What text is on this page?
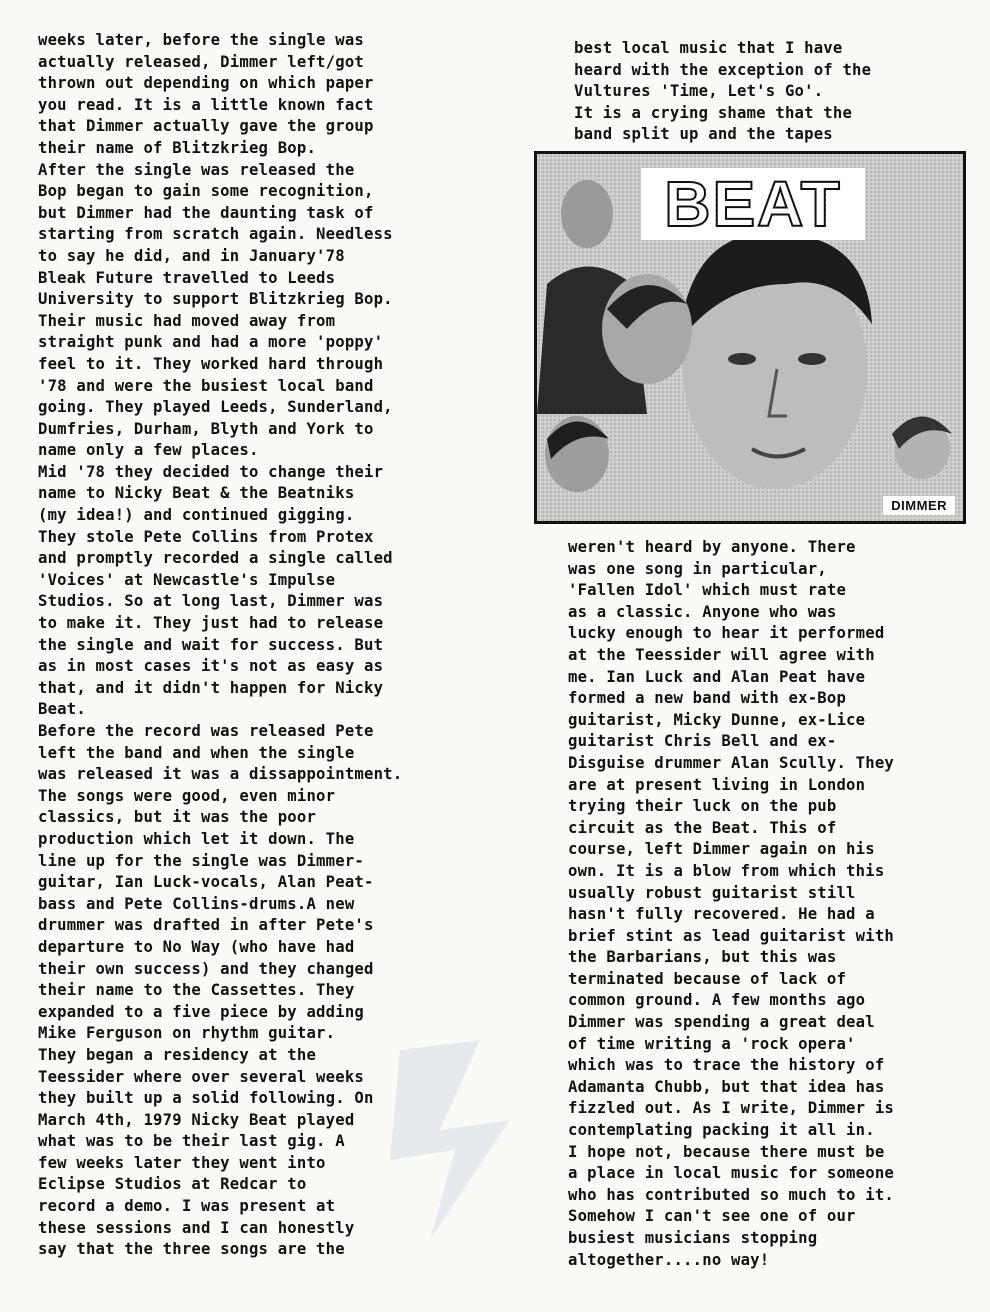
weeks later, before the single was
actually released, Dimmer left/got
thrown out depending on which paper
you read. It is a little known fact
that Dimmer actually gave the group
their name of Blitzkrieg Bop.
After the single was released the
Bop began to gain some recognition,
but Dimmer had the daunting task of
starting from scratch again. Needless
to say he did, and in January'78
Bleak Future travelled to Leeds
University to support Blitzkrieg Bop.
Their music had moved away from
straight punk and had a more 'poppy'
feel to it. They worked hard through
'78 and were the busiest local band
going. They played Leeds, Sunderland,
Dumfries, Durham, Blyth and York to
name only a few places.
Mid '78 they decided to change their
name to Nicky Beat & the Beatniks
(my idea!) and continued gigging.
They stole Pete Collins from Protex
and promptly recorded a single called
'Voices' at Newcastle's Impulse
Studios. So at long last, Dimmer was
to make it. They just had to release
the single and wait for success. But
as in most cases it's not as easy as
that, and it didn't happen for Nicky
Beat.
Before the record was released Pete
left the band and when the single
was released it was a dissappointment.
The songs were good, even minor
classics, but it was the poor
production which let it down. The
line up for the single was Dimmer-
guitar, Ian Luck-vocals, Alan Peat-
bass and Pete Collins-drums.A new
drummer was drafted in after Pete's
departure to No Way (who have had
their own success) and they changed
their name to the Cassettes. They
expanded to a five piece by adding
Mike Ferguson on rhythm guitar.
They began a residency at the
Teessider where over several weeks
they built up a solid following. On
March 4th, 1979 Nicky Beat played
what was to be their last gig. A
few weeks later they went into
Eclipse Studios at Redcar to
record a demo. I was present at
these sessions and I can honestly
say that the three songs are the
best local music that I have
heard with the exception of the
Vultures 'Time, Let's Go'.
It is a crying shame that the
band split up and the tapes
BEAT
DIMMER
weren't heard by anyone. There
was one song in particular,
'Fallen Idol' which must rate
as a classic. Anyone who was
lucky enough to hear it performed
at the Teessider will agree with
me. Ian Luck and Alan Peat have
formed a new band with ex-Bop
guitarist, Micky Dunne, ex-Lice
guitarist Chris Bell and ex-
Disguise drummer Alan Scully. They
are at present living in London
trying their luck on the pub
circuit as the Beat. This of
course, left Dimmer again on his
own. It is a blow from which this
usually robust guitarist still
hasn't fully recovered. He had a
brief stint as lead guitarist with
the Barbarians, but this was
terminated because of lack of
common ground. A few months ago
Dimmer was spending a great deal
of time writing a 'rock opera'
which was to trace the history of
Adamanta Chubb, but that idea has
fizzled out. As I write, Dimmer is
contemplating packing it all in.
I hope not, because there must be
a place in local music for someone
who has contributed so much to it.
Somehow I can't see one of our
busiest musicians stopping
altogether....no way!
